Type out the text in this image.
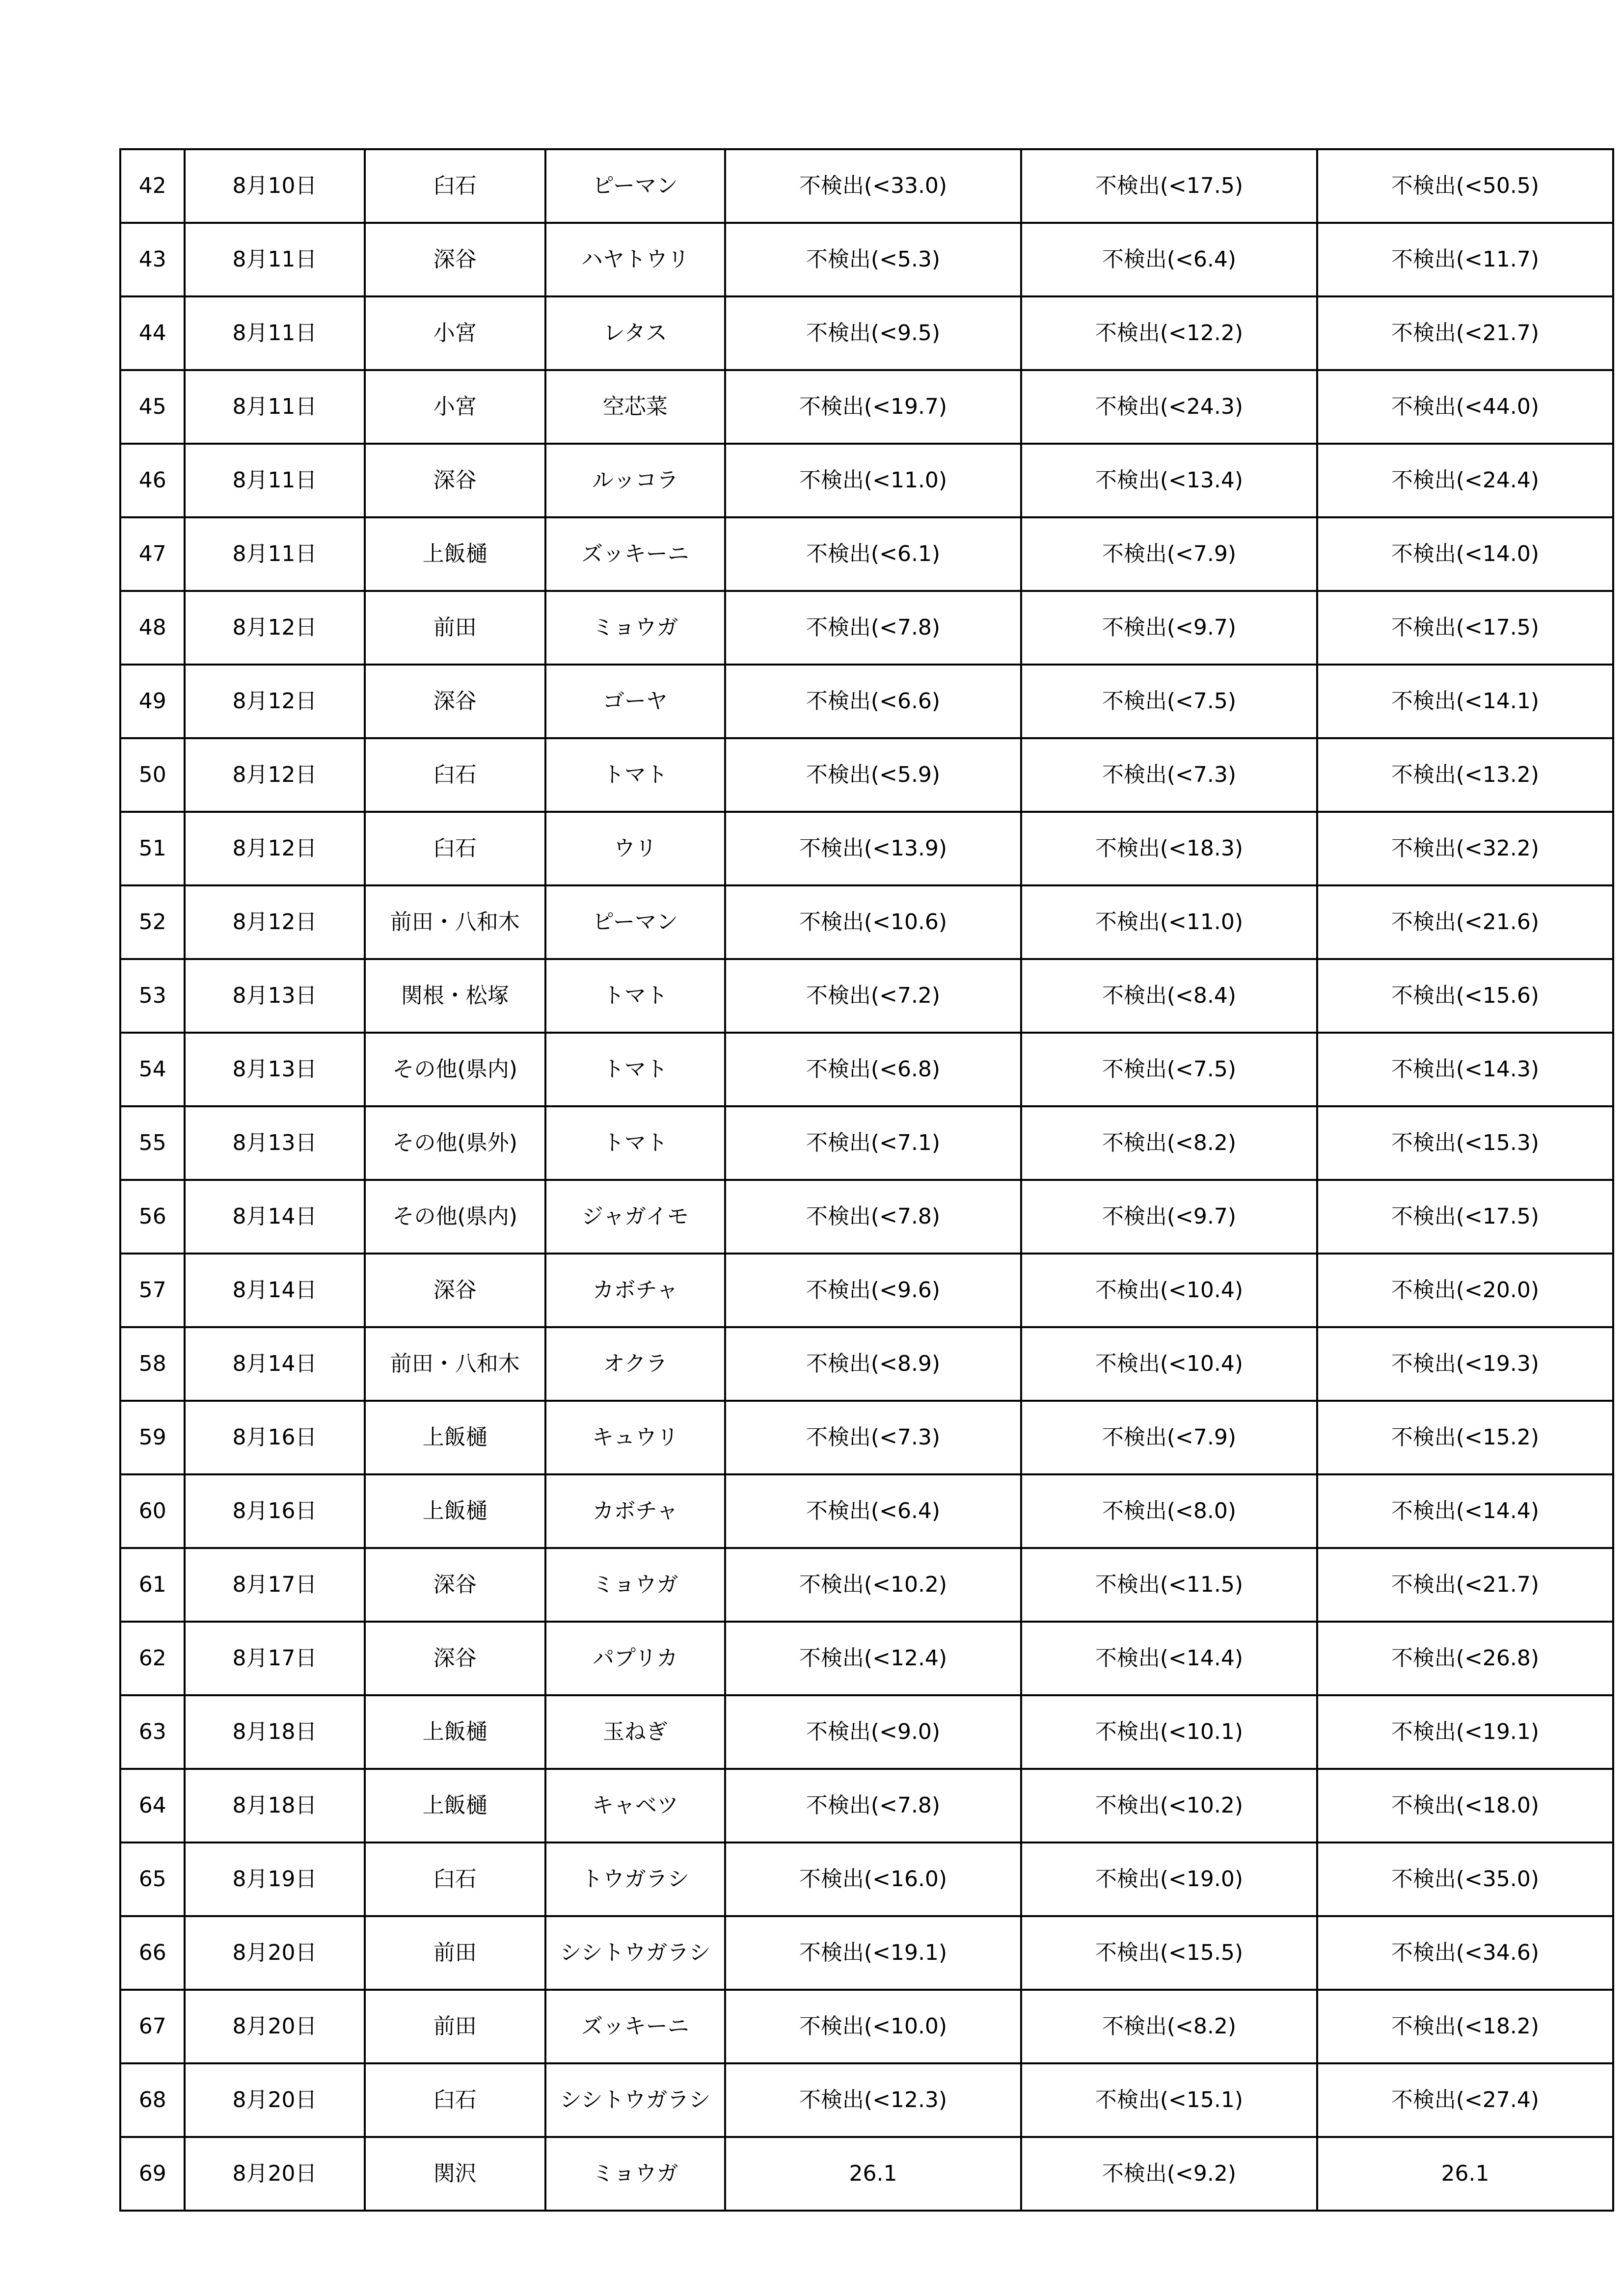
42	8月10日	臼石	ピーマン	不検出(<33.0)	不検出(<17.5)	不検出(<50.5)
43	8月11日	深谷	ハヤトウリ	不検出(<5.3)	不検出(<6.4)	不検出(<11.7)
44	8月11日	小宮	レタス	不検出(<9.5)	不検出(<12.2)	不検出(<21.7)
45	8月11日	小宮	空芯菜	不検出(<19.7)	不検出(<24.3)	不検出(<44.0)
46	8月11日	深谷	ルッコラ	不検出(<11.0)	不検出(<13.4)	不検出(<24.4)
47	8月11日	上飯樋	ズッキーニ	不検出(<6.1)	不検出(<7.9)	不検出(<14.0)
48	8月12日	前田	ミョウガ	不検出(<7.8)	不検出(<9.7)	不検出(<17.5)
49	8月12日	深谷	ゴーヤ	不検出(<6.6)	不検出(<7.5)	不検出(<14.1)
50	8月12日	臼石	トマト	不検出(<5.9)	不検出(<7.3)	不検出(<13.2)
51	8月12日	臼石	ウリ	不検出(<13.9)	不検出(<18.3)	不検出(<32.2)
52	8月12日	前田・八和木	ピーマン	不検出(<10.6)	不検出(<11.0)	不検出(<21.6)
53	8月13日	関根・松塚	トマト	不検出(<7.2)	不検出(<8.4)	不検出(<15.6)
54	8月13日	その他(県内)	トマト	不検出(<6.8)	不検出(<7.5)	不検出(<14.3)
55	8月13日	その他(県外)	トマト	不検出(<7.1)	不検出(<8.2)	不検出(<15.3)
56	8月14日	その他(県内)	ジャガイモ	不検出(<7.8)	不検出(<9.7)	不検出(<17.5)
57	8月14日	深谷	カボチャ	不検出(<9.6)	不検出(<10.4)	不検出(<20.0)
58	8月14日	前田・八和木	オクラ	不検出(<8.9)	不検出(<10.4)	不検出(<19.3)
59	8月16日	上飯樋	キュウリ	不検出(<7.3)	不検出(<7.9)	不検出(<15.2)
60	8月16日	上飯樋	カボチャ	不検出(<6.4)	不検出(<8.0)	不検出(<14.4)
61	8月17日	深谷	ミョウガ	不検出(<10.2)	不検出(<11.5)	不検出(<21.7)
62	8月17日	深谷	パプリカ	不検出(<12.4)	不検出(<14.4)	不検出(<26.8)
63	8月18日	上飯樋	玉ねぎ	不検出(<9.0)	不検出(<10.1)	不検出(<19.1)
64	8月18日	上飯樋	キャベツ	不検出(<7.8)	不検出(<10.2)	不検出(<18.0)
65	8月19日	臼石	トウガラシ	不検出(<16.0)	不検出(<19.0)	不検出(<35.0)
66	8月20日	前田	シシトウガラシ	不検出(<19.1)	不検出(<15.5)	不検出(<34.6)
67	8月20日	前田	ズッキーニ	不検出(<10.0)	不検出(<8.2)	不検出(<18.2)
68	8月20日	臼石	シシトウガラシ	不検出(<12.3)	不検出(<15.1)	不検出(<27.4)
69	8月20日	関沢	ミョウガ	26.1	不検出(<9.2)	26.1
